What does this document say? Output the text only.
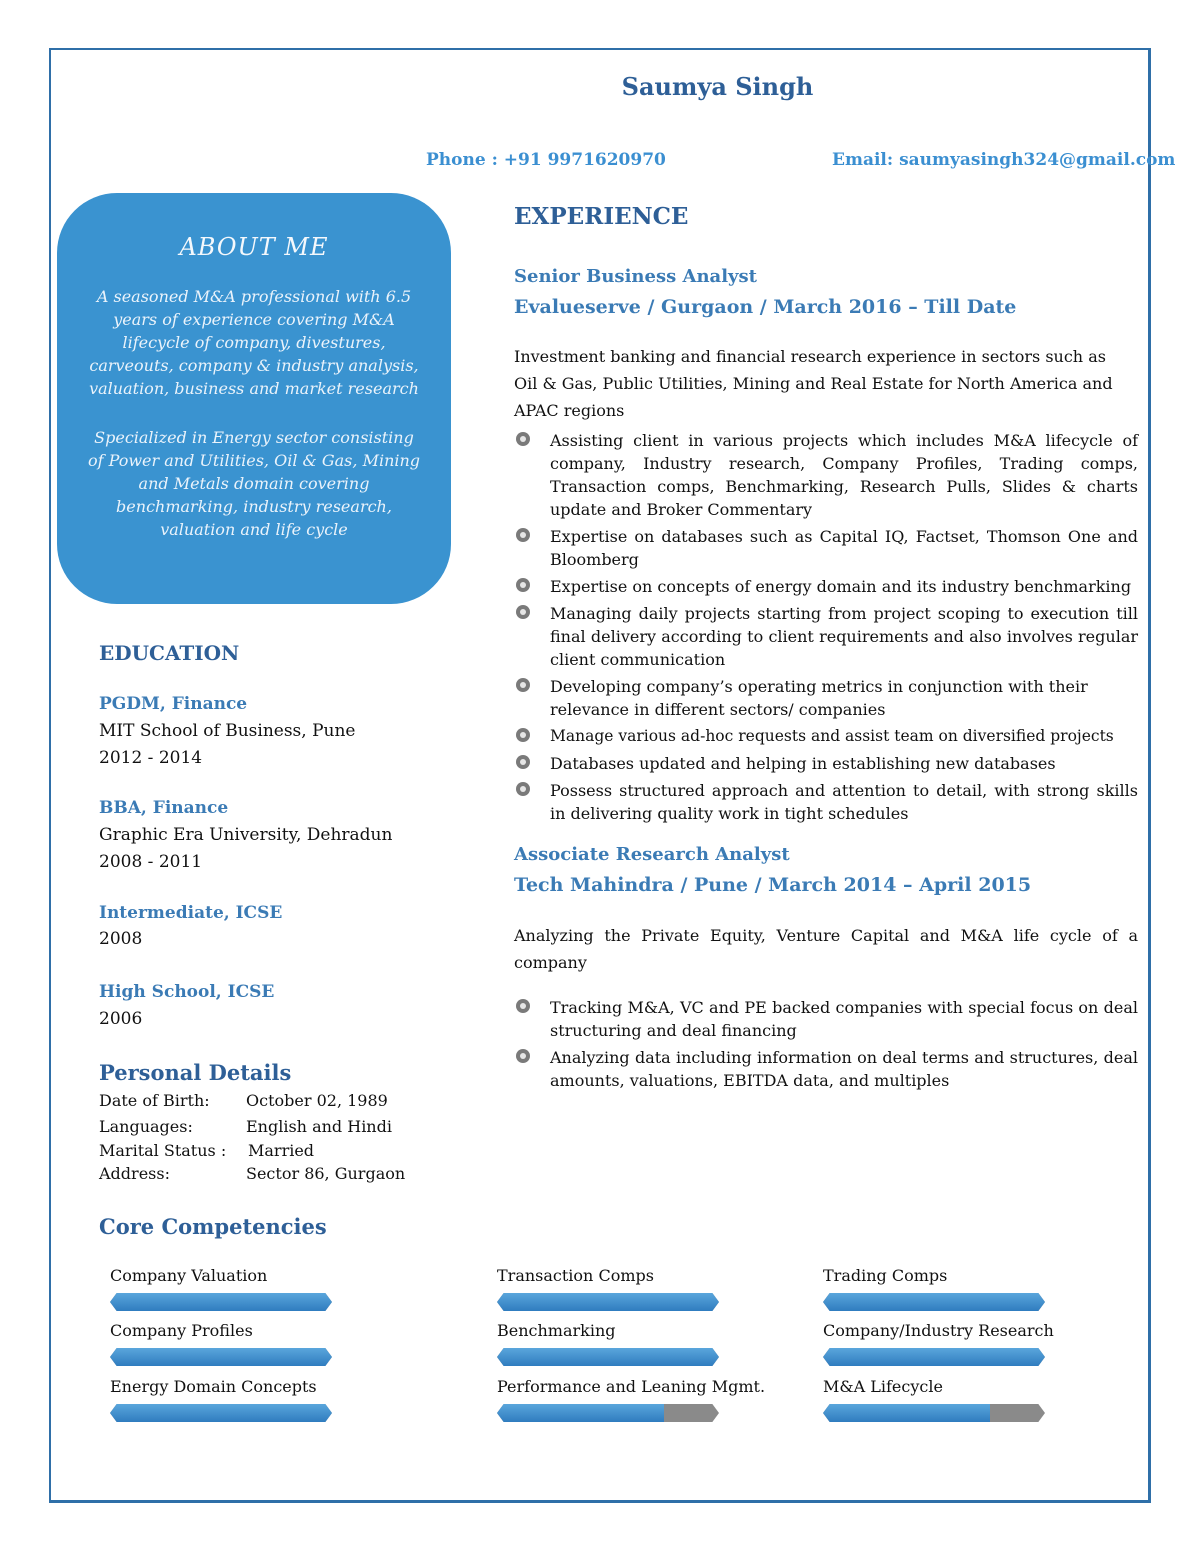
Saumya Singh
Phone : +91 9971620970	Email: saumyasingh324@gmail.com
ABOUT ME

A seasoned M&A professional with 6.5 years of experience covering M&A lifecycle of company, divestures, carveouts, company & industry analysis, valuation, business and market research

Specialized in Energy sector consisting of Power and Utilities, Oil & Gas, Mining and Metals domain covering benchmarking, industry research, valuation and life cycle

EXPERIENCE
Senior Business Analyst
Evalueserve / Gurgaon / March 2016 – Till Date
Investment banking and financial research experience in sectors such as Oil & Gas, Public Utilities, Mining and Real Estate for North America and APAC regions
Assisting client in various projects which includes M&A lifecycle of company, Industry research, Company Profiles, Trading comps, Transaction comps, Benchmarking, Research Pulls, Slides & charts update and Broker Commentary
Expertise on databases such as Capital IQ, Factset, Thomson One and Bloomberg
Expertise on concepts of energy domain and its industry benchmarking
Managing daily projects starting from project scoping to execution till final delivery according to client requirements and also involves regular client communication
Developing company’s operating metrics in conjunction with their relevance in different sectors/ companies
Manage various ad-hoc requests and assist team on diversified projects
Databases updated and helping in establishing new databases
Possess structured approach and attention to detail, with strong skills in delivering quality work in tight schedules
Associate Research Analyst
Tech Mahindra / Pune / March 2014 – April 2015
Analyzing the Private Equity, Venture Capital and M&A life cycle of a company
Tracking M&A, VC and PE backed companies with special focus on deal structuring and deal financing
Analyzing data including information on deal terms and structures, deal amounts, valuations, EBITDA data, and multiples
EDUCATION
PGDM, Finance
MIT School of Business, Pune
2012 - 2014
BBA, Finance
Graphic Era University, Dehradun
2008 - 2011
Intermediate, ICSE
2008
High School, ICSE
2006
Personal Details
Date of Birth: October 02, 1989
Languages:	English and Hindi
Marital Status : Married
Address:	Sector 86, Gurgaon
Core Competencies
Company Valuation	Transaction Comps	Trading Comps
Company Profiles	Benchmarking	Company/Industry Research
Energy Domain Concepts	Performance and Leaning Mgmt.	M&A Lifecycle
